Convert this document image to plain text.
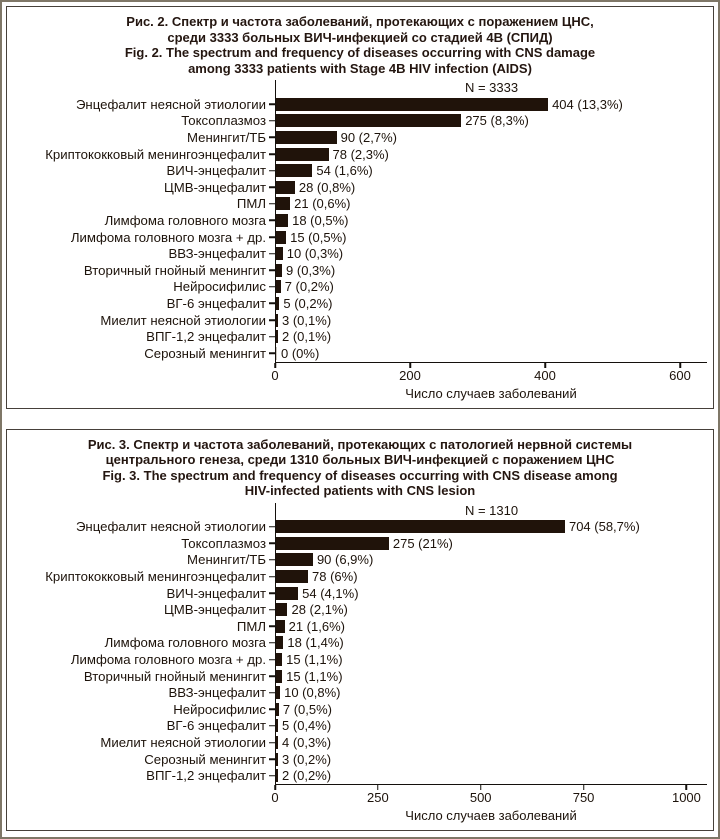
Рис. 2. Спектр и частота заболеваний, протекающих с поражением ЦНС,
среди 3333 больных ВИЧ-инфекцией со стадией 4В (СПИД)
Fig. 2. The spectrum and frequency of diseases occurring with CNS damage
among 3333 patients with Stage 4B HIV infection (AIDS)
N = 3333
Энцефалит неясной этиологии	404 (13,3%)
Токсоплазмоз	275 (8,3%)
Менингит/ТБ	90 (2,7%)
Криптококковый менингоэнцефалит	78 (2,3%)
ВИЧ-энцефалит	54 (1,6%)
ЦМВ-энцефалит	28 (0,8%)
ПМЛ	21 (0,6%)
Лимфома головного мозга	18 (0,5%)
Лимфома головного мозга + др.	15 (0,5%)
ВВЗ-энцефалит	10 (0,3%)
Вторичный гнойный менингит	9 (0,3%)
Нейросифилис	7 (0,2%)
ВГ-6 энцефалит	5 (0,2%)
Миелит неясной этиологии	3 (0,1%)
ВПГ-1,2 энцефалит	2 (0,1%)
Серозный менингит	0 (0%)
0	200	400	600
Число случаев заболеваний
Рис. 3. Спектр и частота заболеваний, протекающих с патологией нервной системы
центрального генеза, среди 1310 больных ВИЧ-инфекцией с поражением ЦНС
Fig. 3. The spectrum and frequency of diseases occurring with CNS disease among
HIV-infected patients with CNS lesion
N = 1310
Энцефалит неясной этиологии	704 (58,7%)
Токсоплазмоз	275 (21%)
Менингит/ТБ	90 (6,9%)
Криптококковый менингоэнцефалит	78 (6%)
ВИЧ-энцефалит	54 (4,1%)
ЦМВ-энцефалит	28 (2,1%)
ПМЛ	21 (1,6%)
Лимфома головного мозга	18 (1,4%)
Лимфома головного мозга + др.	15 (1,1%)
Вторичный гнойный менингит	15 (1,1%)
ВВЗ-энцефалит	10 (0,8%)
Нейросифилис	7 (0,5%)
ВГ-6 энцефалит	5 (0,4%)
Миелит неясной этиологии	4 (0,3%)
Серозный менингит	3 (0,2%)
ВПГ-1,2 энцефалит	2 (0,2%)
0	250	500	750	1000
Число случаев заболеваний
